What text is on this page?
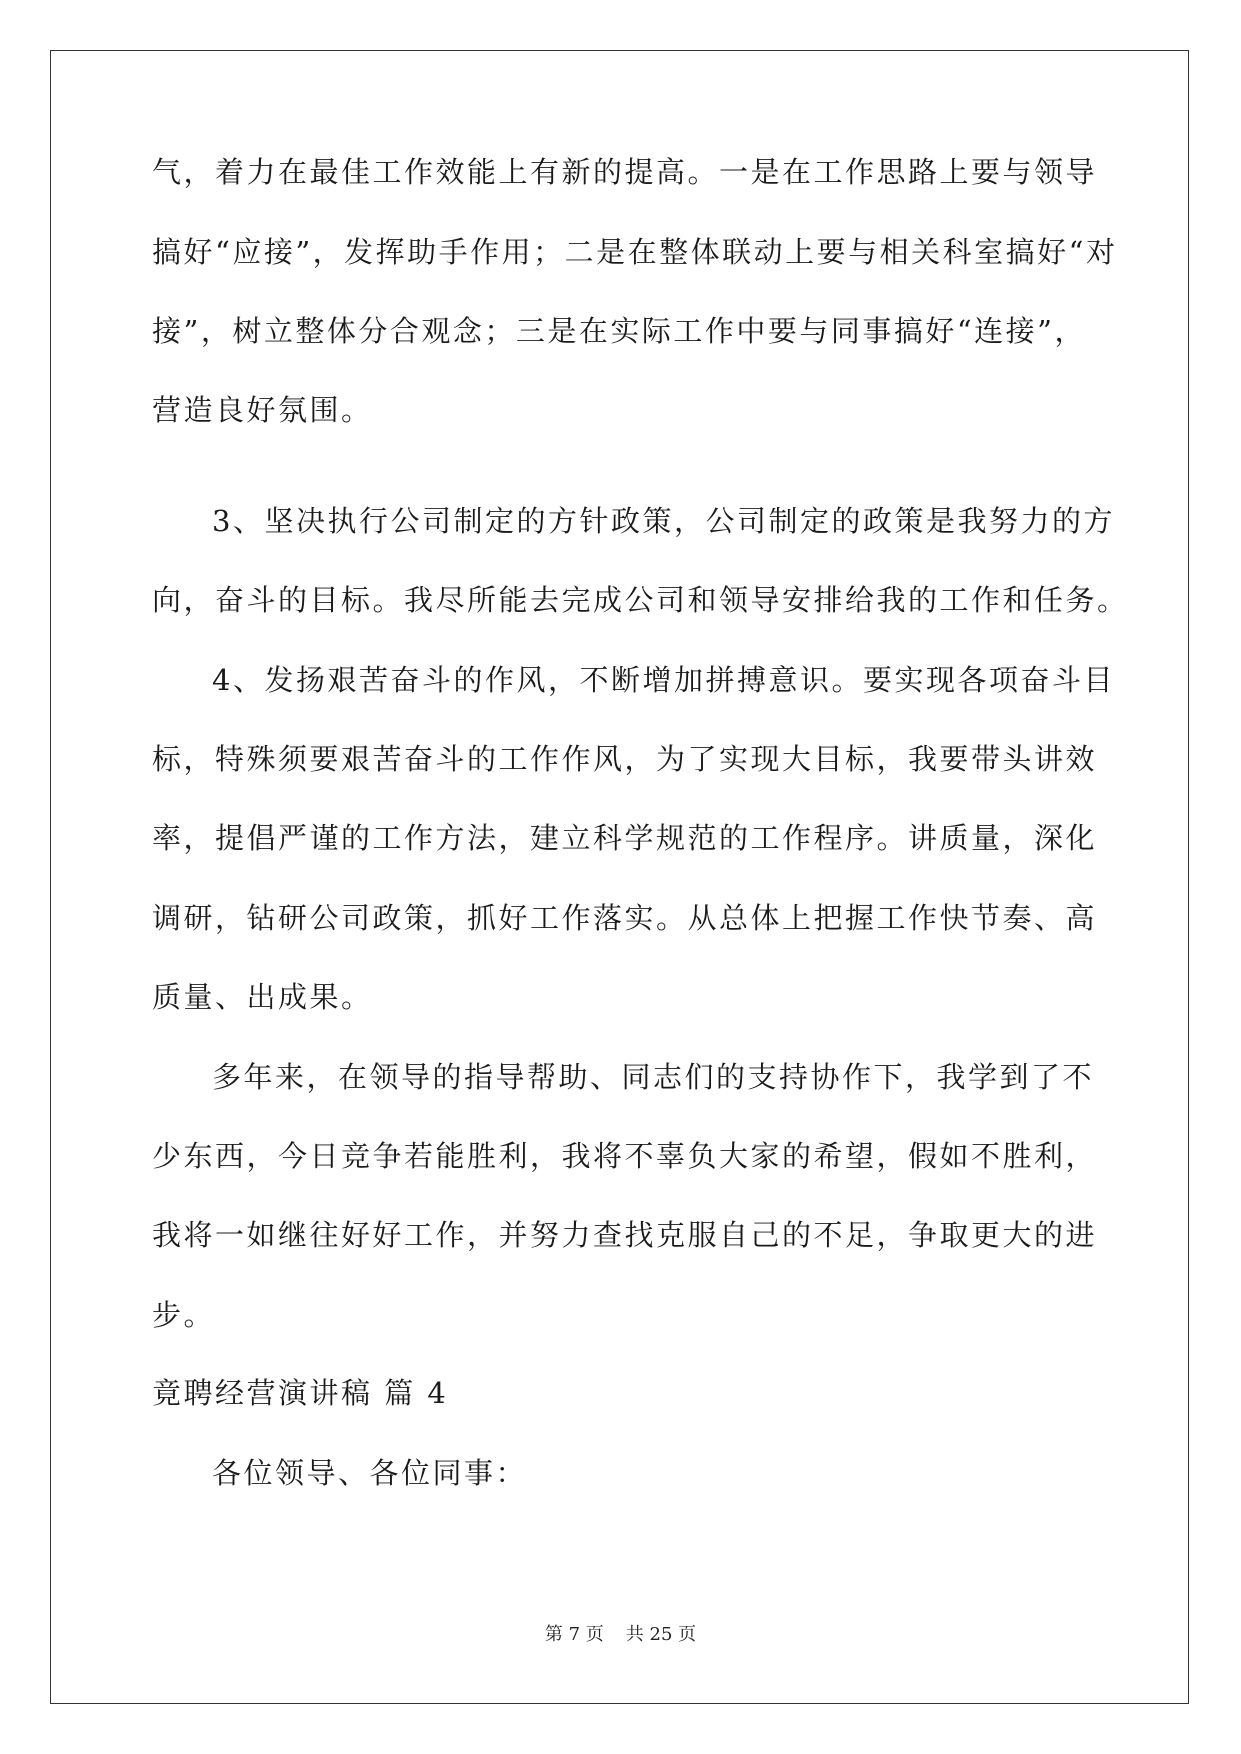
气，着力在最佳工作效能上有新的提高。一是在工作思路上要与领导
搞好“应接”，发挥助手作用；二是在整体联动上要与相关科室搞好“对
接”，树立整体分合观念；三是在实际工作中要与同事搞好“连接”，
营造良好氛围。
3、坚决执行公司制定的方针政策，公司制定的政策是我努力的方
向，奋斗的目标。我尽所能去完成公司和领导安排给我的工作和任务。
4、发扬艰苦奋斗的作风，不断增加拼搏意识。要实现各项奋斗目
标，特殊须要艰苦奋斗的工作作风，为了实现大目标，我要带头讲效
率，提倡严谨的工作方法，建立科学规范的工作程序。讲质量，深化
调研，钻研公司政策，抓好工作落实。从总体上把握工作快节奏、高
质量、出成果。
多年来，在领导的指导帮助、同志们的支持协作下，我学到了不
少东西，今日竞争若能胜利，我将不辜负大家的希望，假如不胜利，
我将一如继往好好工作，并努力查找克服自己的不足，争取更大的进
步。
竟聘经营演讲稿 篇 4
各位领导、各位同事：
第 7 页 共 25 页
